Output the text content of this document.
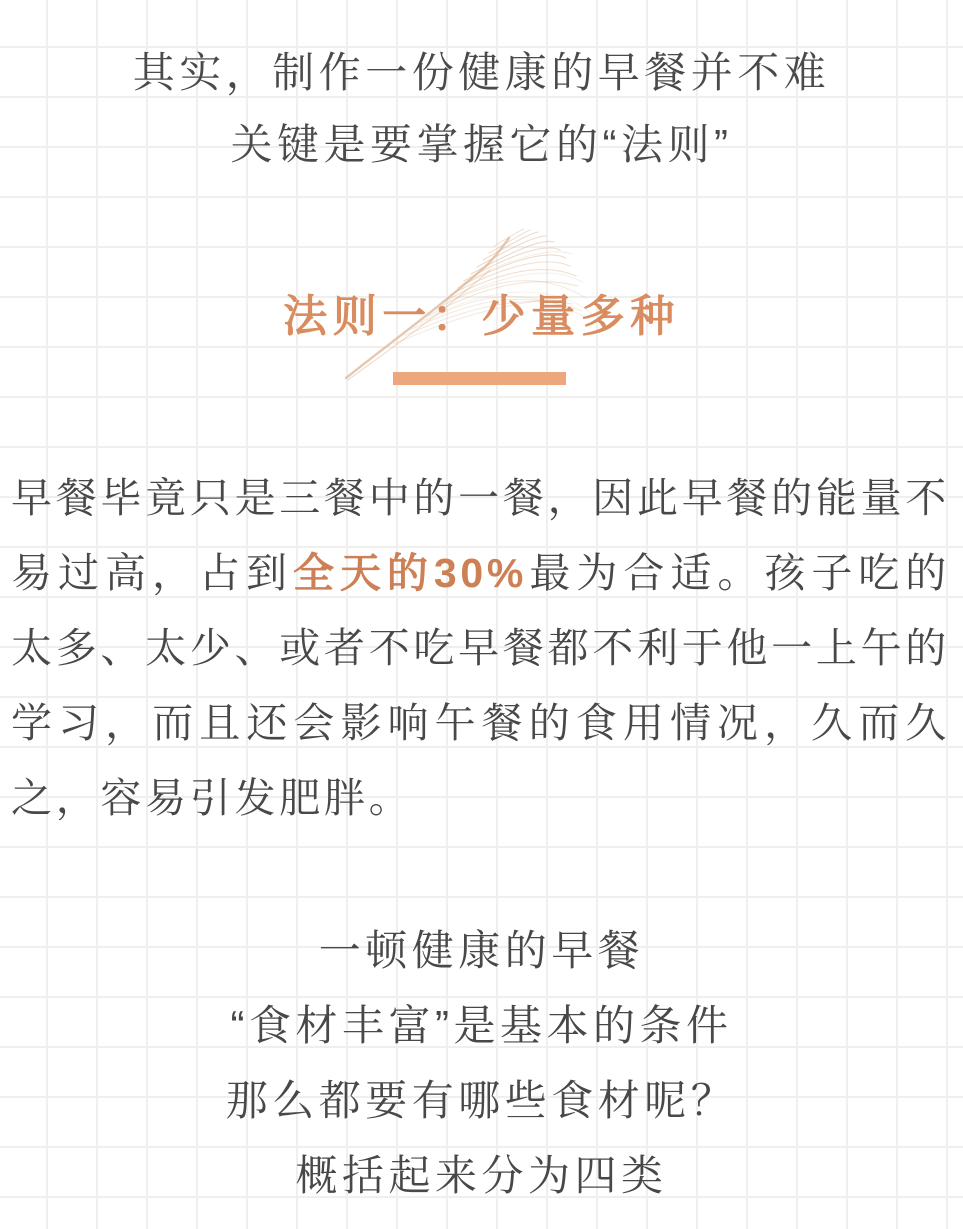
其实，制作一份健康的早餐并不难
关键是要掌握它的“法则”
法则一：少量多种

早餐毕竟只是三餐中的一餐，因此早餐的能量不易过高，占到全天的30%最为合适。孩子吃的太多、太少、或者不吃早餐都不利于他一上午的学习，而且还会影响午餐的食用情况，久而久之，容易引发肥胖。

一顿健康的早餐
“食材丰富”是基本的条件
那么都要有哪些食材呢？
概括起来分为四类
